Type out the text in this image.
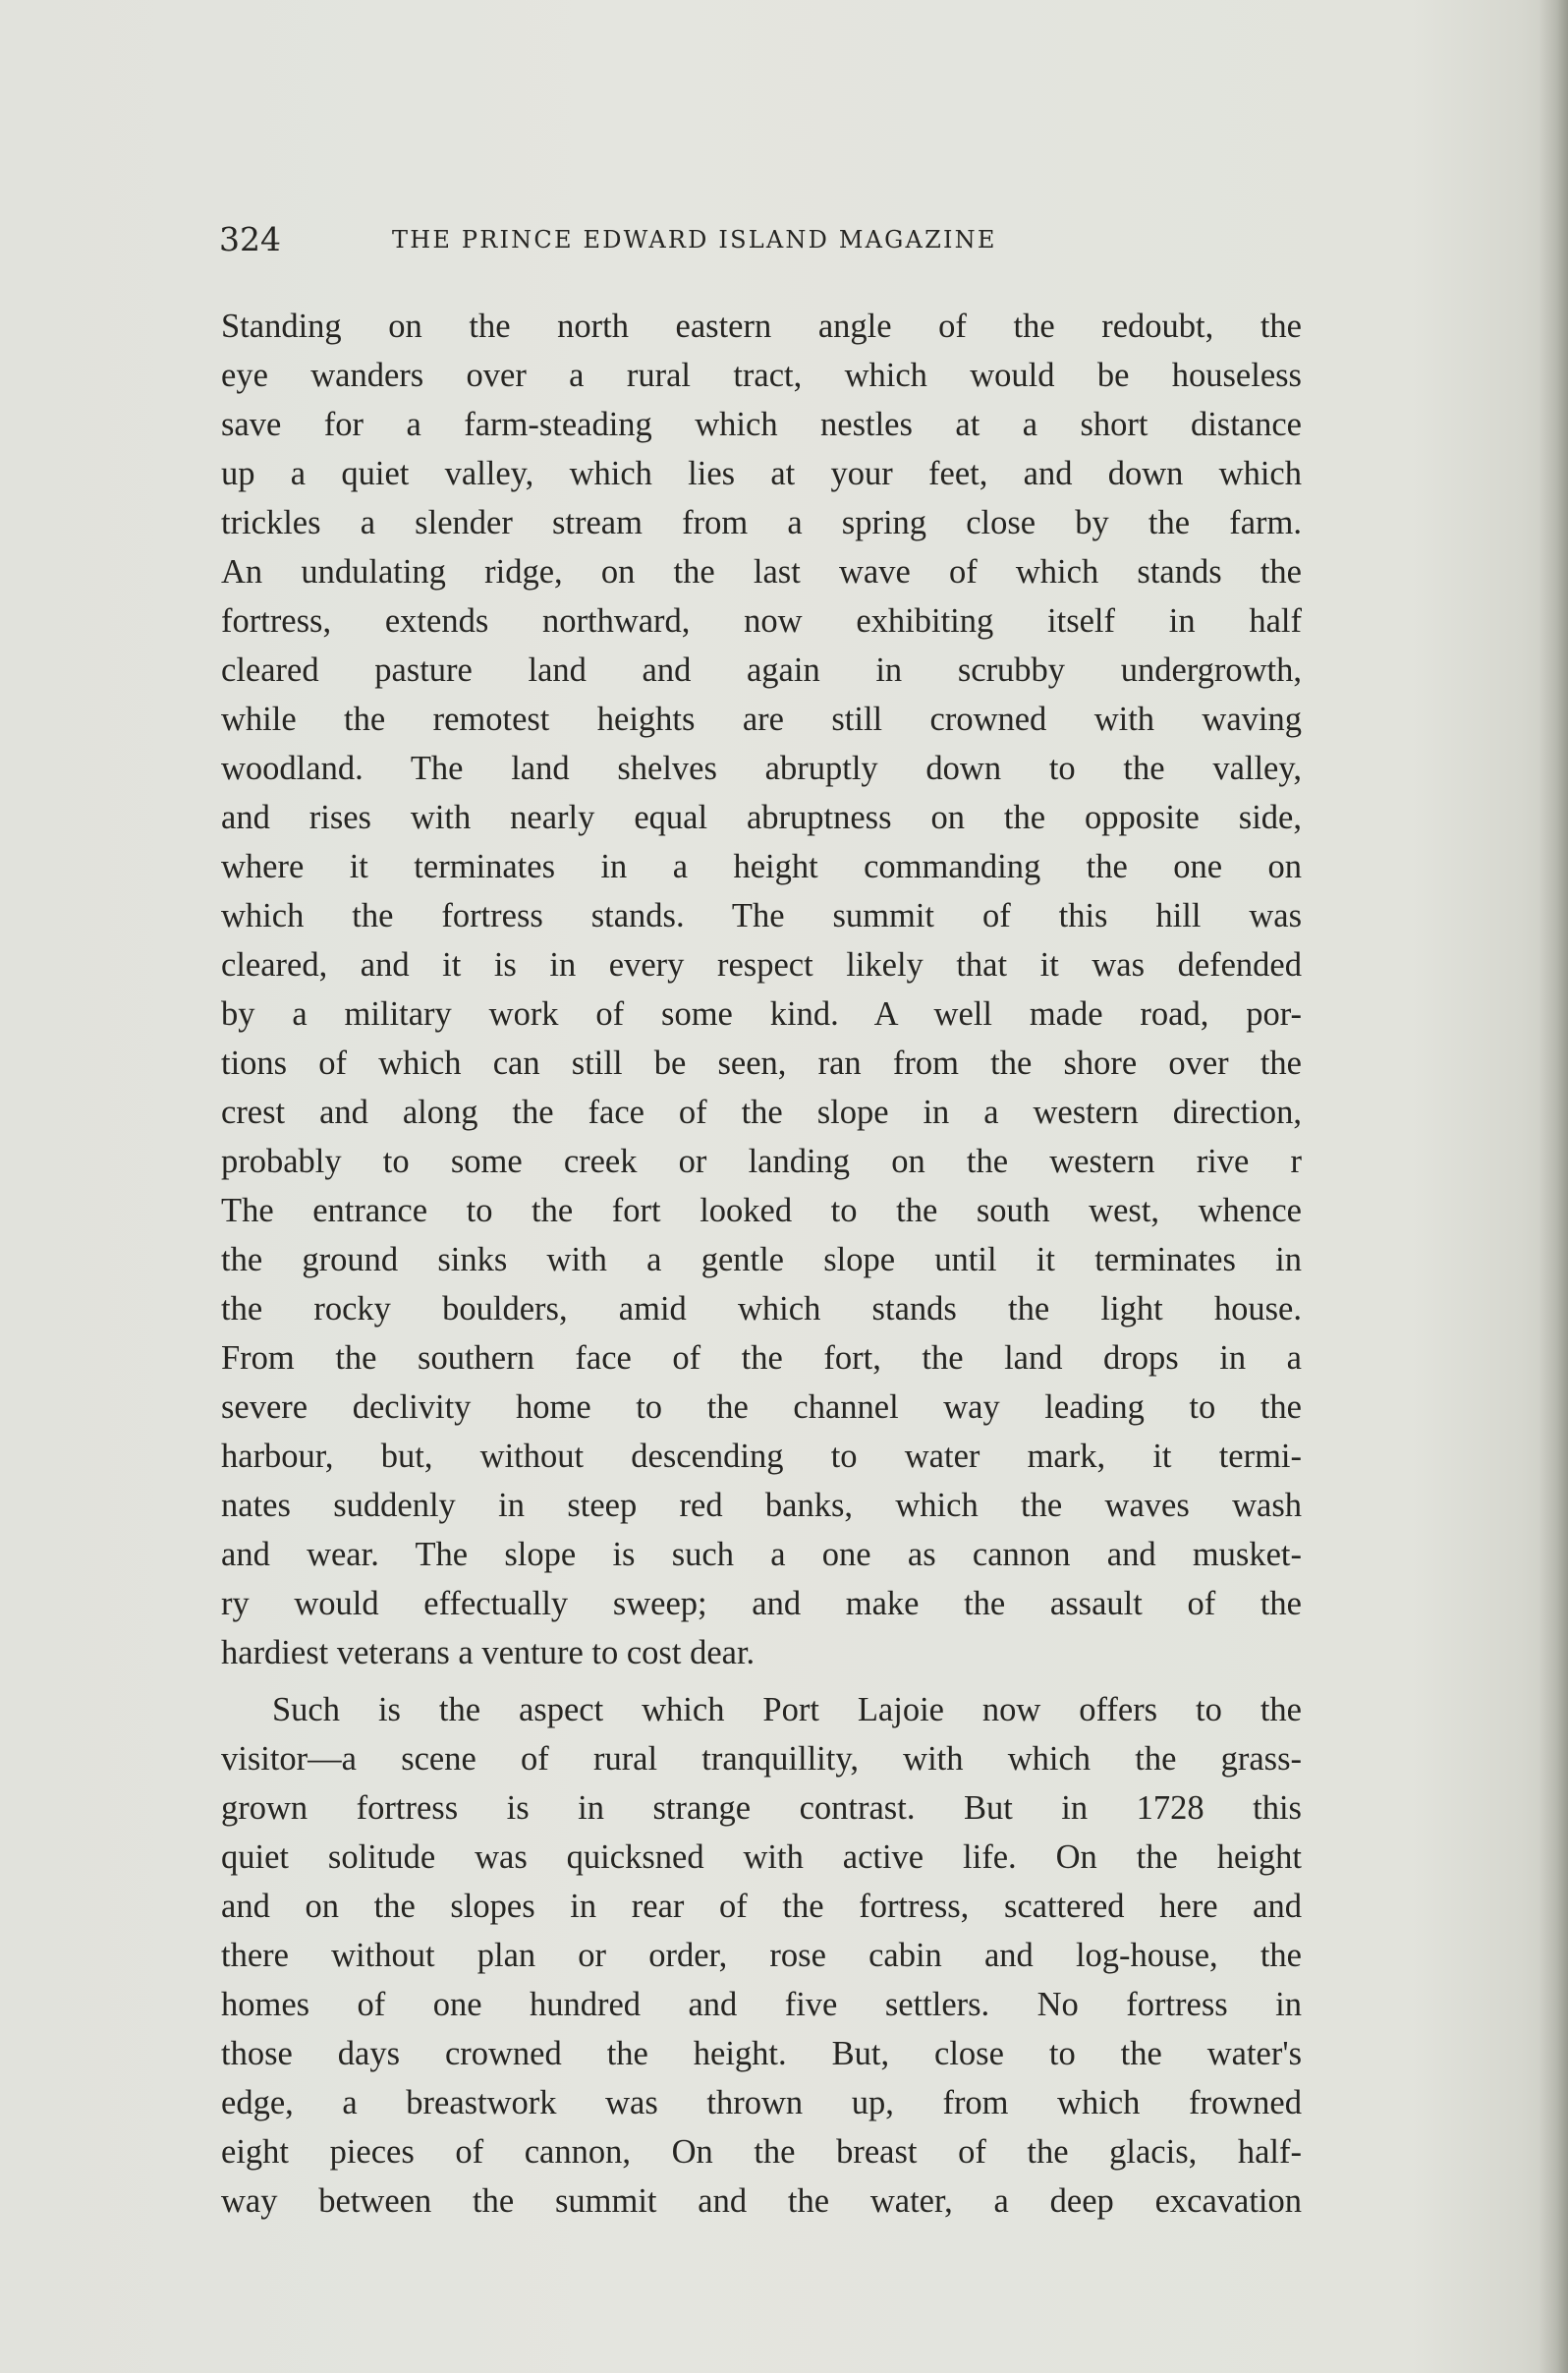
324	THE PRINCE EDWARD ISLAND MAGAZINE
Standing on the north eastern angle of the redoubt, the
eye wanders over a rural tract, which would be houseless
save for a farm-steading which nestles at a short distance
up a quiet valley, which lies at your feet, and down which
trickles a slender stream from a spring close by the farm.
An undulating ridge, on the last wave of which stands the
fortress, extends northward, now exhibiting itself in half
cleared pasture land and again in scrubby undergrowth,
while the remotest heights are still crowned with waving
woodland. The land shelves abruptly down to the valley,
and rises with nearly equal abruptness on the opposite side,
where it terminates in a height commanding the one on
which the fortress stands. The summit of this hill was
cleared, and it is in every respect likely that it was defended
by a military work of some kind. A well made road, por-
tions of which can still be seen, ran from the shore over the
crest and along the face of the slope in a western direction,
probably to some creek or landing on the western rive r
The entrance to the fort looked to the south west, whence
the ground sinks with a gentle slope until it terminates in
the rocky boulders, amid which stands the light house.
From the southern face of the fort, the land drops in a
severe declivity home to the channel way leading to the
harbour, but, without descending to water mark, it termi-
nates suddenly in steep red banks, which the waves wash
and wear. The slope is such a one as cannon and musket-
ry would effectually sweep; and make the assault of the
hardiest veterans a venture to cost dear.
Such is the aspect which Port Lajoie now offers to the
visitor—a scene of rural tranquillity, with which the grass-
grown fortress is in strange contrast. But in 1728 this
quiet solitude was quicksned with active life. On the height
and on the slopes in rear of the fortress, scattered here and
there without plan or order, rose cabin and log-house, the
homes of one hundred and five settlers. No fortress in
those days crowned the height. But, close to the water's
edge, a breastwork was thrown up, from which frowned
eight pieces of cannon, On the breast of the glacis, half-
way between the summit and the water, a deep excavation
